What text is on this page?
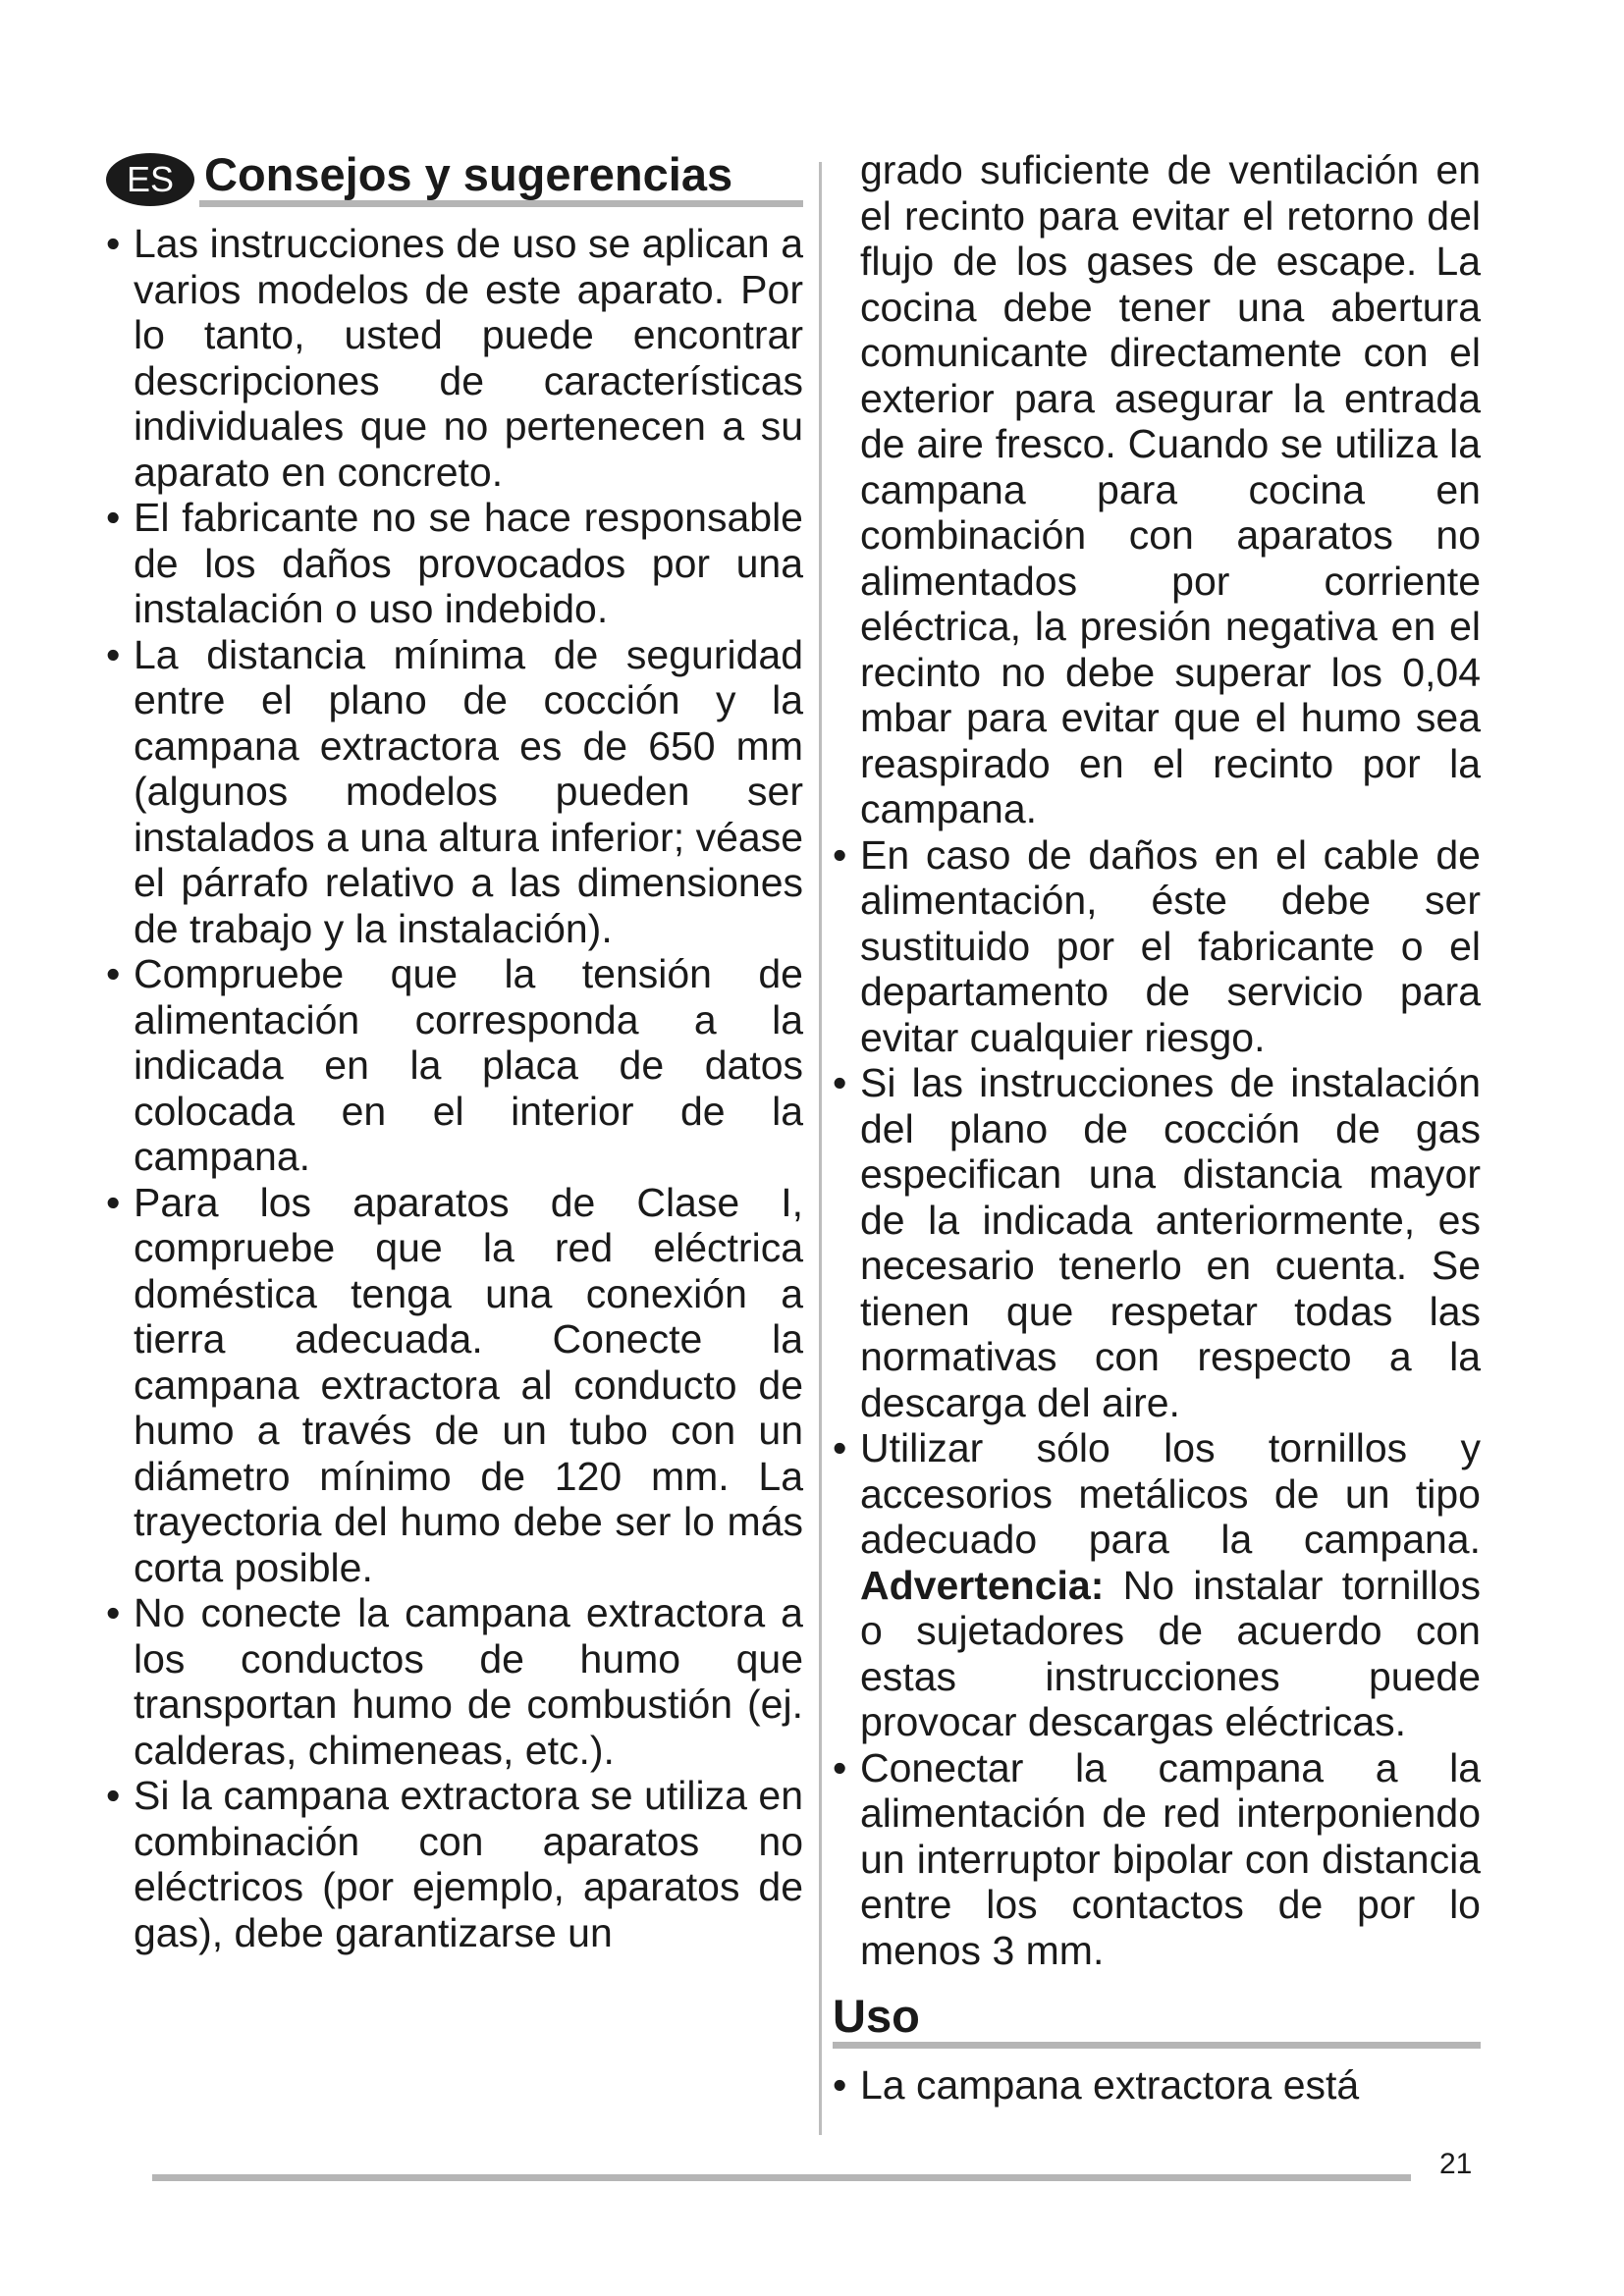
ES Consejos y sugerencias
• Las instrucciones de uso se aplican a varios modelos de este aparato. Por lo tanto, usted puede encontrar descripciones de características individuales que no pertenecen a su aparato en concreto.
• El fabricante no se hace responsable de los daños provocados por una instalación o uso indebido.
• La distancia mínima de seguridad entre el plano de cocción y la campana extractora es de 650 mm (algunos modelos pueden ser instalados a una altura inferior; véase el párrafo relativo a las dimensiones de trabajo y la instalación).
• Compruebe que la tensión de alimentación corresponda a la indicada en la placa de datos colocada en el interior de la campana.
• Para los aparatos de Clase I, compruebe que la red eléctrica doméstica tenga una conexión a tierra adecuada. Conecte la campana extractora al conducto de humo a través de un tubo con un diámetro mínimo de 120 mm. La trayectoria del humo debe ser lo más corta posible.
• No conecte la campana extractora a los conductos de humo que transportan humo de combustión (ej. calderas, chimeneas, etc.).
• Si la campana extractora se utiliza en combinación con aparatos no eléctricos (por ejemplo, aparatos de gas), debe garantizarse un

grado suficiente de ventilación en el recinto para evitar el retorno del flujo de los gases de escape. La cocina debe tener una abertura comunicante directamente con el exterior para asegurar la entrada de aire fresco. Cuando se utiliza la campana para cocina en combinación con aparatos no alimentados por corriente eléctrica, la presión negativa en el recinto no debe superar los 0,04 mbar para evitar que el humo sea reaspirado en el recinto por la campana.

• En caso de daños en el cable de alimentación, éste debe ser sustituido por el fabricante o el departamento de servicio para evitar cualquier riesgo.
• Si las instrucciones de instalación del plano de cocción de gas especifican una distancia mayor de la indicada anteriormente, es necesario tenerlo en cuenta. Se tienen que respetar todas las normativas con respecto a la descarga del aire.
• Utilizar sólo los tornillos y accesorios metálicos de un tipo adecuado para la campana. Advertencia: No instalar tornillos o sujetadores de acuerdo con estas instrucciones puede provocar descargas eléctricas.
• Conectar la campana a la alimentación de red interponiendo un interruptor bipolar con distancia entre los contactos de por lo menos 3 mm.
Uso
• La campana extractora está
21
